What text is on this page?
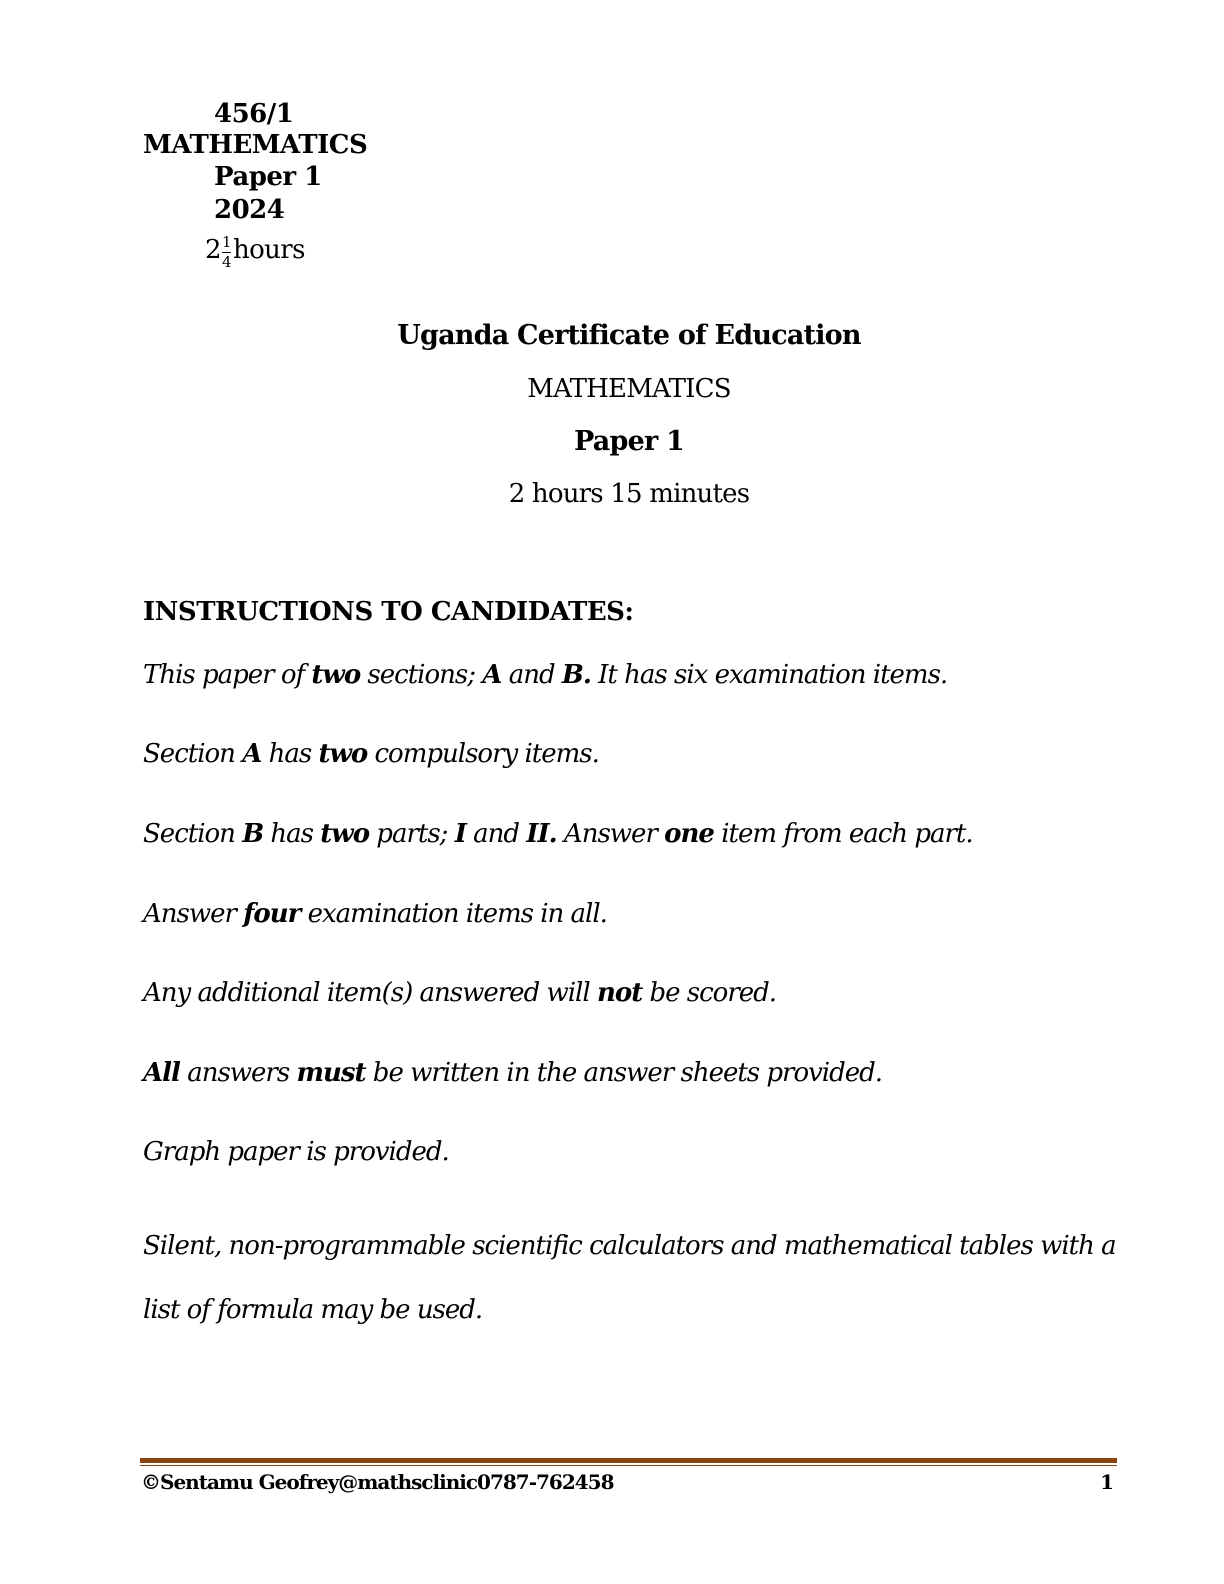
456/1
MATHEMATICS
Paper 1
2024
$2 \frac{1}{4}$ hours
Uganda Certificate of Education
MATHEMATICS
Paper 1
2 hours 15 minutes
INSTRUCTIONS TO CANDIDATES:
This paper of two sections; A and B. It has six examination items.
Section A has two compulsory items.
Section B has two parts; I and II. Answer one item from each part.
Answer four examination items in all.
Any additional item(s) answered will not be scored.
All answers must be written in the answer sheets provided.
Graph paper is provided.
Silent, non-programmable scientific calculators and mathematical tables with a list of formula may be used.
©Sentamu Geofrey@mathsclinic0787-762458	1
